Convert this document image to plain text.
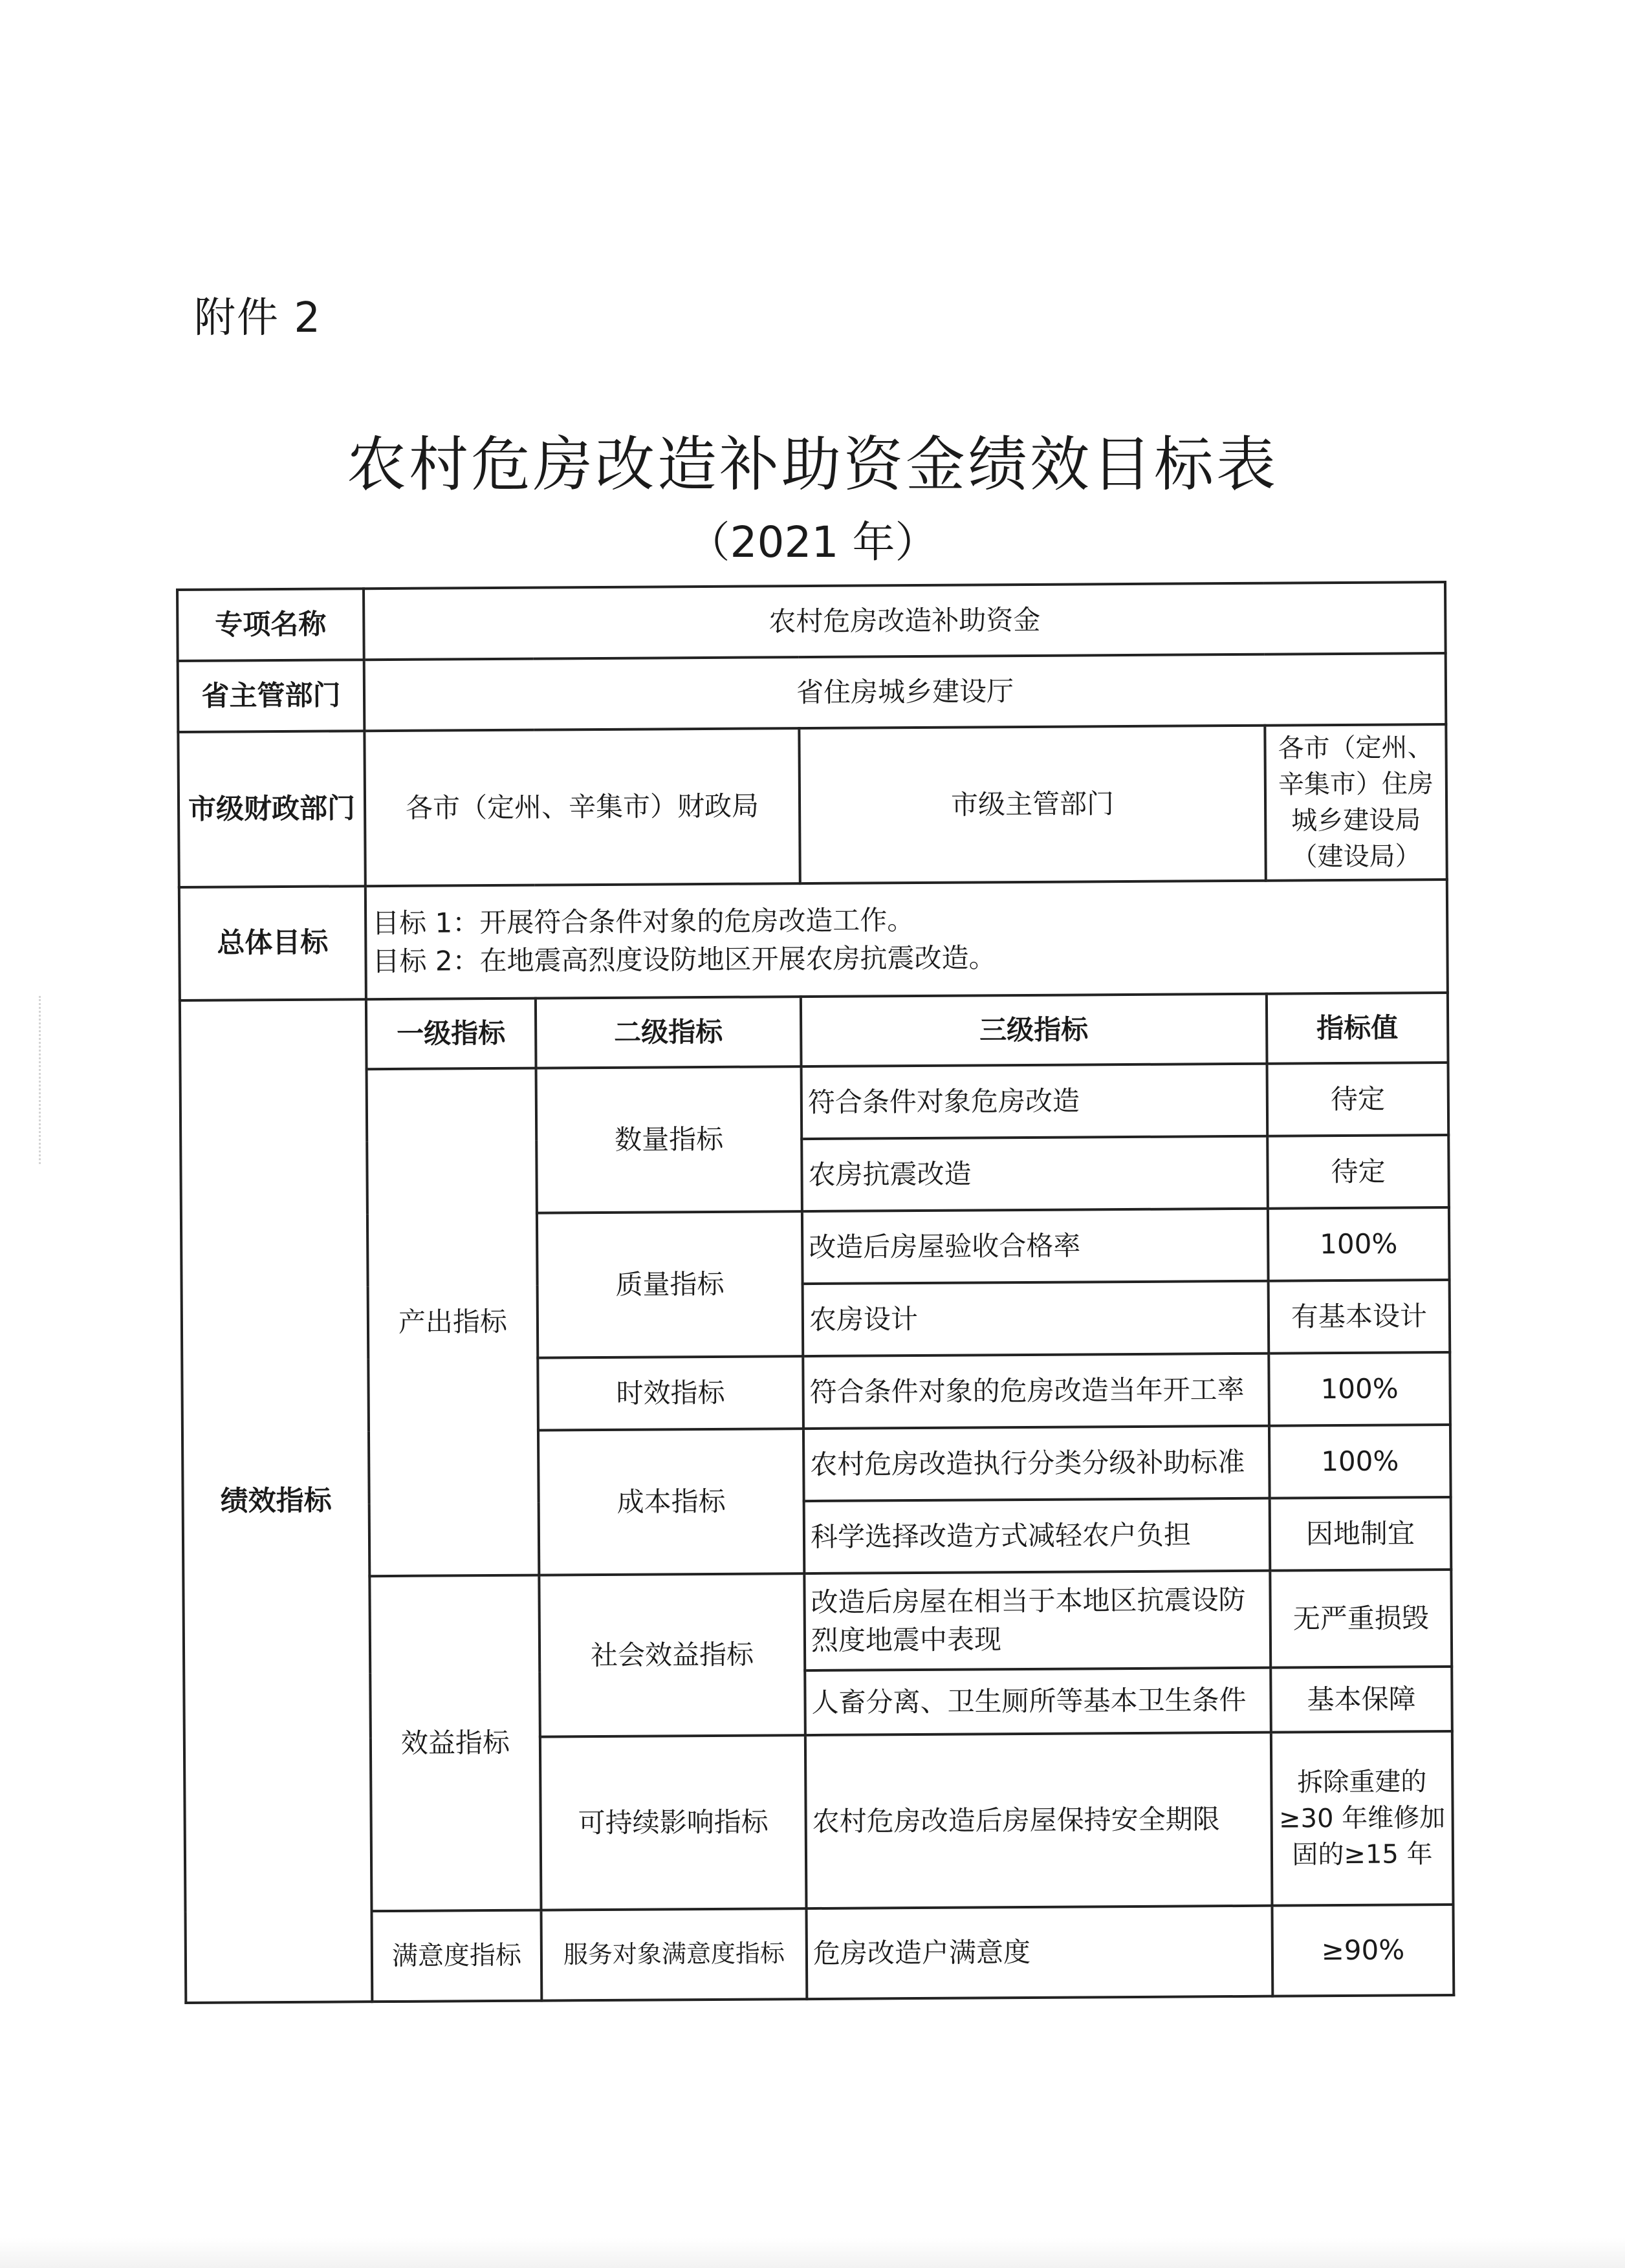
附件 2
农村危房改造补助资金绩效目标表
（2021 年）
专项名称	农村危房改造补助资金			
省主管部门	省住房城乡建设厅			
市级财政部门	各市（定州、辛集市）财政局		市级主管部门	各市（定州、辛集市）住房城乡建设局（建设局）
总体目标	目标 1：开展符合条件对象的危房改造工作。
目标 2：在地震高烈度设防地区开展农房抗震改造。			

绩效指标	一级指标	二级指标	三级指标	指标值
	产出指标	数量指标	符合条件对象危房改造	待定
			农房抗震改造	待定
		质量指标	改造后房屋验收合格率	100%
			农房设计	有基本设计
		时效指标	符合条件对象的危房改造当年开工率	100%
		成本指标	农村危房改造执行分类分级补助标准	100%
			科学选择改造方式减轻农户负担	因地制宜
	效益指标	社会效益指标	改造后房屋在相当于本地区抗震设防烈度地震中表现	无严重损毁
			人畜分离、卫生厕所等基本卫生条件	基本保障
		可持续影响指标	农村危房改造后房屋保持安全期限	拆除重建的≥30 年维修加固的≥15 年
	满意度指标	服务对象满意度指标	危房改造户满意度	≥90%
